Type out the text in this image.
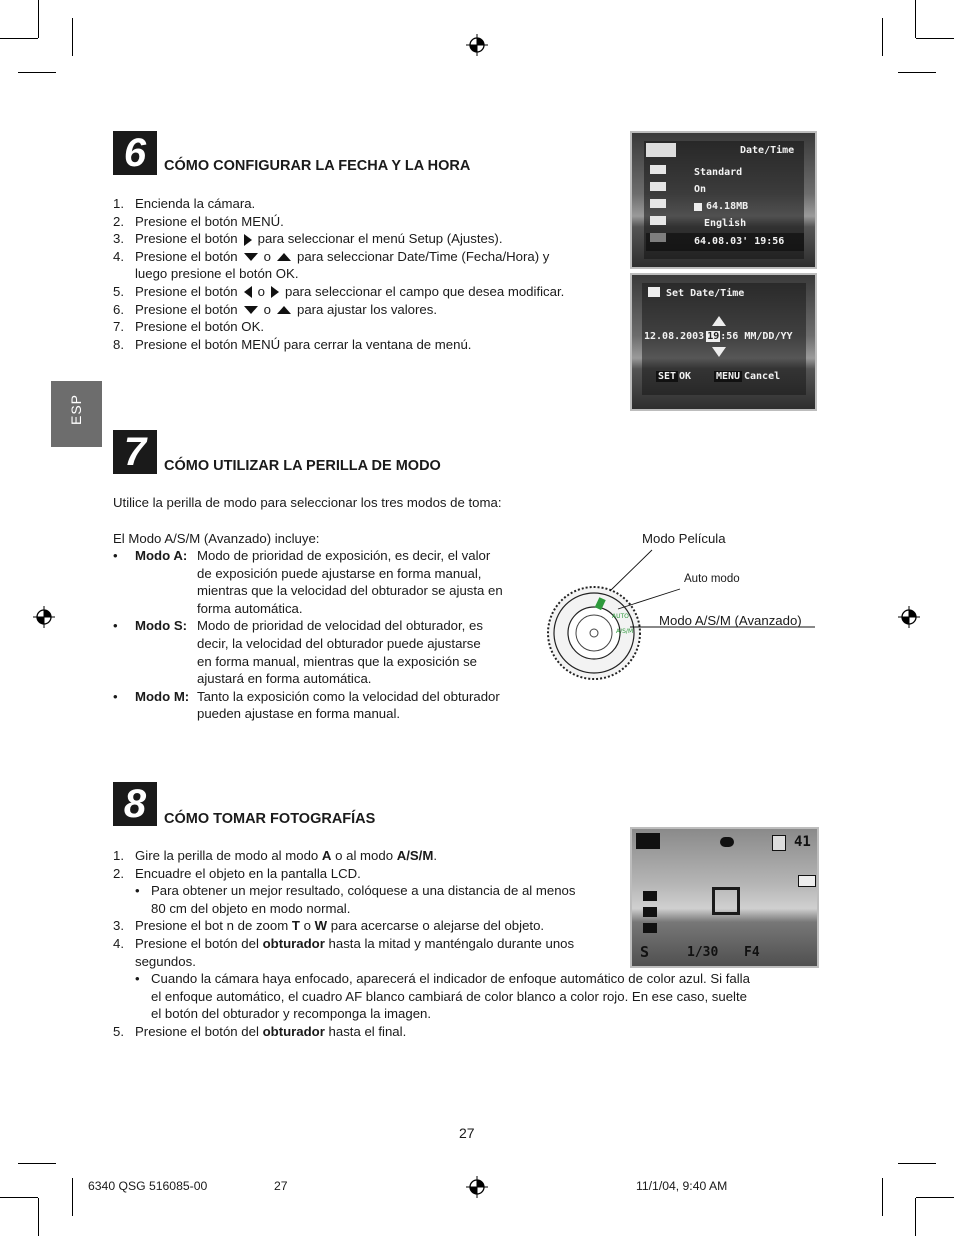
ESP
6	CÓMO CONFIGURAR LA FECHA Y LA HORA
1. Encienda la cámara.
2. Presione el botón MENÚ.
3. Presione el botón para seleccionar el menú Setup (Ajustes).
4. Presione el botón o para seleccionar Date/Time (Fecha/Hora) y
luego presione el botón OK.
5. Presione el botón o para seleccionar el campo que desea modificar.
6. Presione el botón o para ajustar los valores.
7. Presione el botón OK.
8. Presione el botón MENÚ para cerrar la ventana de menú.
Date/Time
Standard
On
64.18MB
English
64.08.03' 19:56
Set Date/Time
12.08.2003 19:56 MM/DD/YY
SET OK MENU Cancel
7	CÓMO UTILIZAR LA PERILLA DE MODO
Utilice la perilla de modo para seleccionar los tres modos de toma:
El Modo A/S/M (Avanzado) incluye:
• Modo A: Modo de prioridad de exposición, es decir, el valor
de exposición puede ajustarse en forma manual,
mientras que la velocidad del obturador se ajusta en
forma automática.
• Modo S: Modo de prioridad de velocidad del obturador, es
decir, la velocidad del obturador puede ajustarse
en forma manual, mientras que la exposición se
ajustará en forma automática.
• Modo M: Tanto la exposición como la velocidad del obturador
pueden ajustase en forma manual.
AUTO
A/S/M
Modo Película
Auto modo
Modo A/S/M (Avanzado)
8	CÓMO TOMAR FOTOGRAFÍAS
1. Gire la perilla de modo al modo A o al modo A/S/M.
2. Encuadre el objeto en la pantalla LCD.
• Para obtener un mejor resultado, colóquese a una distancia de al menos
80 cm del objeto en modo normal.
3. Presione el bot n de zoom T o W para acercarse o alejarse del objeto.
4. Presione el botón del obturador hasta la mitad y manténgalo durante unos
segundos.
• Cuando la cámara haya enfocado, aparecerá el indicador de enfoque automático de color azul. Si falla
el enfoque automático, el cuadro AF blanco cambiará de color blanco a color rojo. En ese caso, suelte
el botón del obturador y recomponga la imagen.
5. Presione el botón del obturador hasta el final.
41
S	1/30 F4
27
6340 QSG 516085-00	27	11/1/04, 9:40 AM
